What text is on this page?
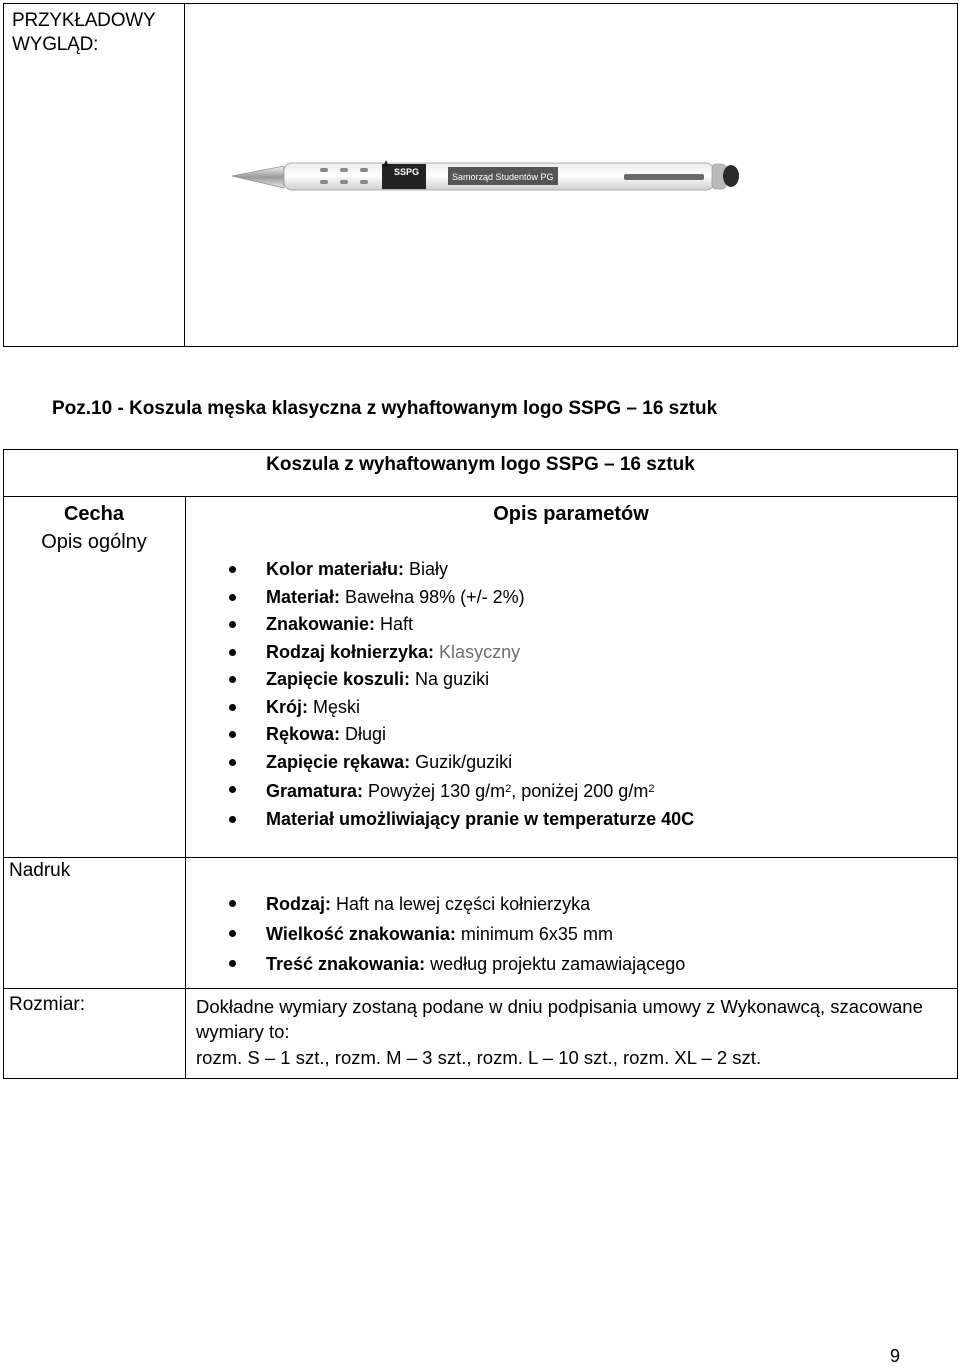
PRZYKŁADOWY WYGLĄD:
SSPG	Samorząd Studentów PG
Poz.10 - Koszula męska klasyczna z wyhaftowanym logo SSPG – 16 sztuk
Koszula z wyhaftowanym logo SSPG – 16 sztuk
Cecha
Opis ogólny
Opis parametów
Kolor materiału: Biały
Materiał: Bawełna 98% (+/- 2%)
Znakowanie: Haft
Rodzaj kołnierzyka: Klasyczny
Zapięcie koszuli: Na guziki
Krój: Męski
Rękowa: Długi
Zapięcie rękawa: Guzik/guziki
Gramatura: Powyżej 130 $g/m^2$, poniżej 200 $g/m^2$
Materiał umożliwiający pranie w temperaturze 40C
Rodzaj: Haft na lewej części kołnierzyka
Wielkość znakowania: minimum 6x35 mm
Treść znakowania: według projektu zamawiającego
Nadruk
Rozmiar:	Dokładne wymiary zostaną podane w dniu podpisania umowy z Wykonawcą, szacowane wymiary to:
rozm. S – 1 szt., rozm. M – 3 szt., rozm. L – 10 szt., rozm. XL – 2 szt.
9
